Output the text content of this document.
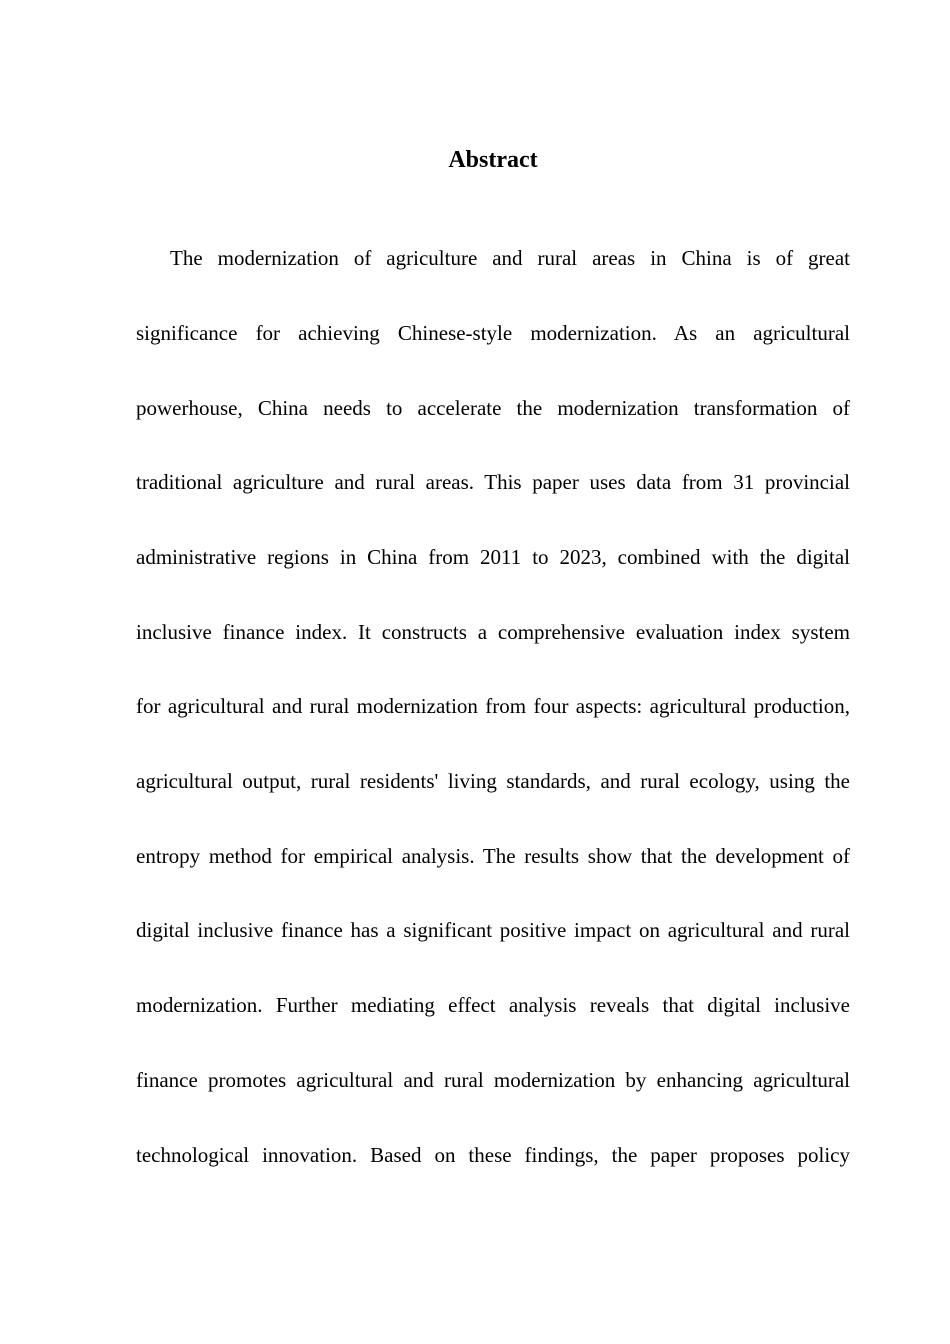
Abstract

The modernization of agriculture and rural areas in China is of great

significance for achieving Chinese-style modernization. As an agricultural

powerhouse, China needs to accelerate the modernization transformation of

traditional agriculture and rural areas. This paper uses data from 31 provincial

administrative regions in China from 2011 to 2023, combined with the digital

inclusive finance index. It constructs a comprehensive evaluation index system

for agricultural and rural modernization from four aspects: agricultural production,

agricultural output, rural residents' living standards, and rural ecology, using the

entropy method for empirical analysis. The results show that the development of

digital inclusive finance has a significant positive impact on agricultural and rural

modernization. Further mediating effect analysis reveals that digital inclusive

finance promotes agricultural and rural modernization by enhancing agricultural

technological innovation. Based on these findings, the paper proposes policy
